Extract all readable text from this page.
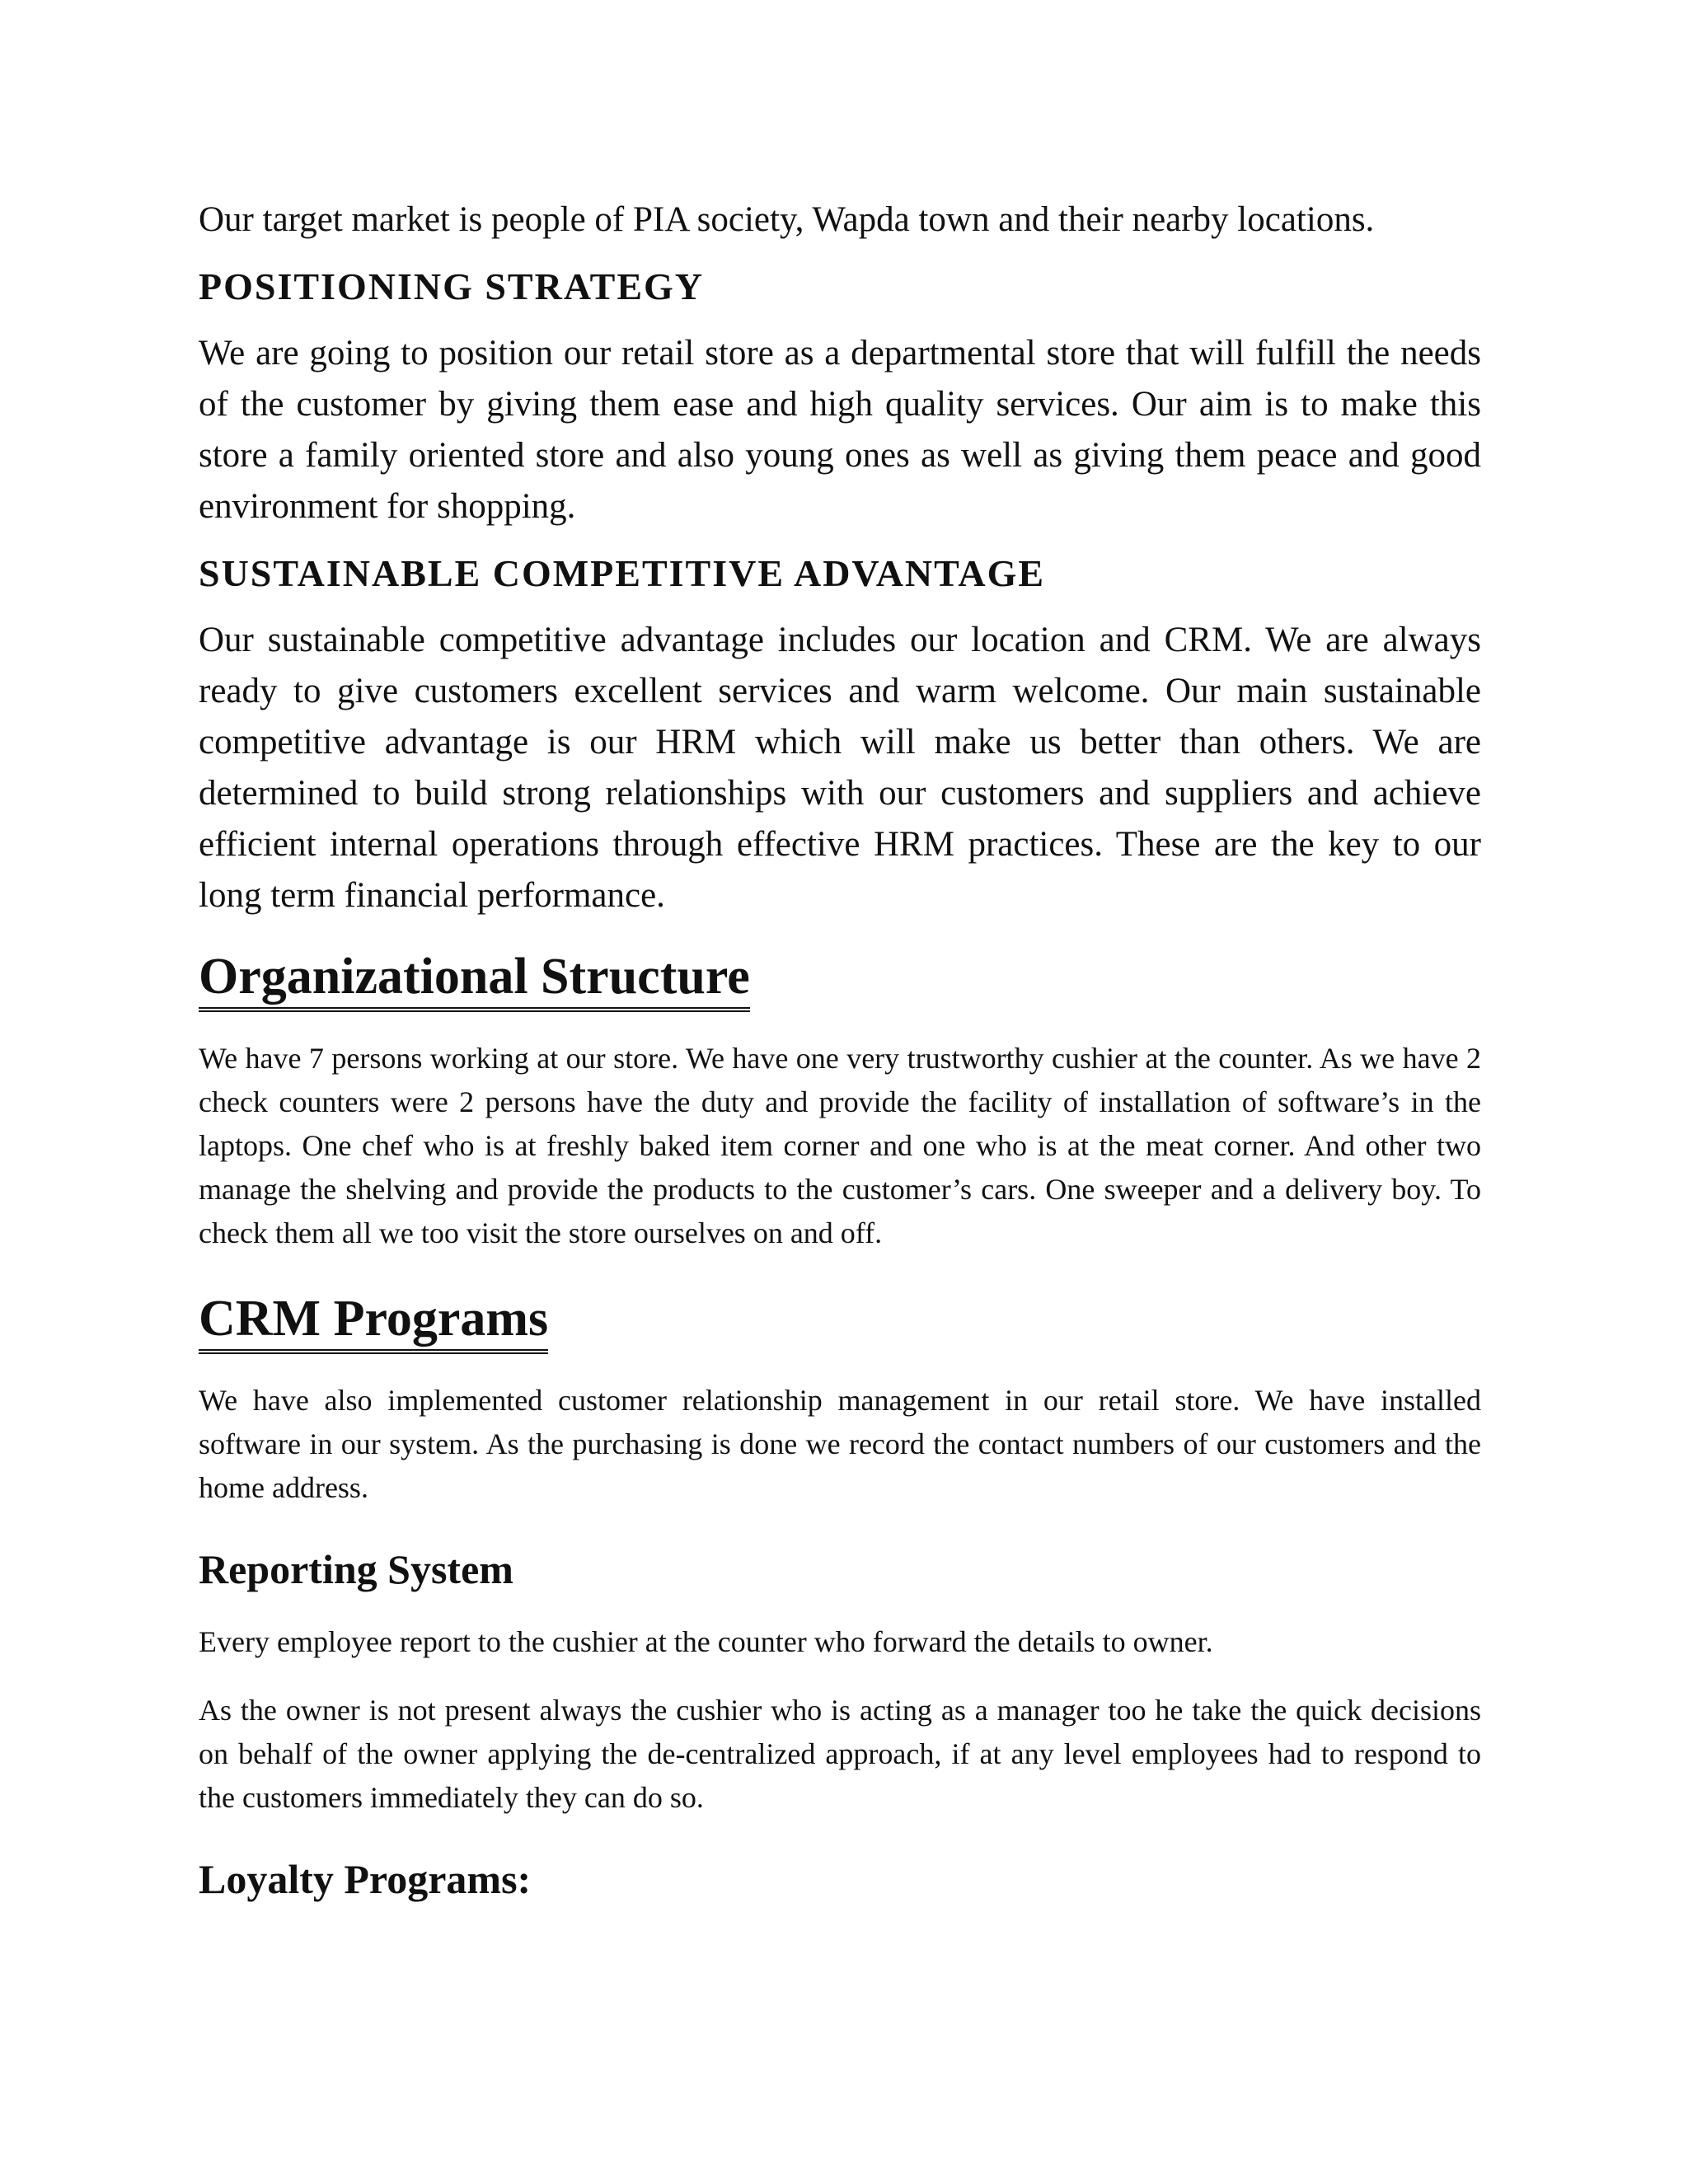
Our target market is people of PIA society, Wapda town and their nearby locations.

POSITIONING STRATEGY

We are going to position our retail store as a departmental store that will fulfill the needs of the customer by giving them ease and high quality services. Our aim is to make this store a family oriented store and also young ones as well as giving them peace and good environment for shopping.

SUSTAINABLE COMPETITIVE ADVANTAGE

Our sustainable competitive advantage includes our location and CRM. We are always ready to give customers excellent services and warm welcome. Our main sustainable competitive advantage is our HRM which will make us better than others. We are determined to build strong relationships with our customers and suppliers and achieve efficient internal operations through effective HRM practices. These are the key to our long term financial performance.

Organizational Structure

We have 7 persons working at our store. We have one very trustworthy cushier at the counter. As we have 2 check counters were 2 persons have the duty and provide the facility of installation of software’s in the laptops. One chef who is at freshly baked item corner and one who is at the meat corner. And other two manage the shelving and provide the products to the customer’s cars. One sweeper and a delivery boy. To check them all we too visit the store ourselves on and off.

CRM Programs

We have also implemented customer relationship management in our retail store. We have installed software in our system. As the purchasing is done we record the contact numbers of our customers and the home address.

Reporting System

Every employee report to the cushier at the counter who forward the details to owner.

As the owner is not present always the cushier who is acting as a manager too he take the quick decisions on behalf of the owner applying the de-centralized approach, if at any level employees had to respond to the customers immediately they can do so.

Loyalty Programs:
